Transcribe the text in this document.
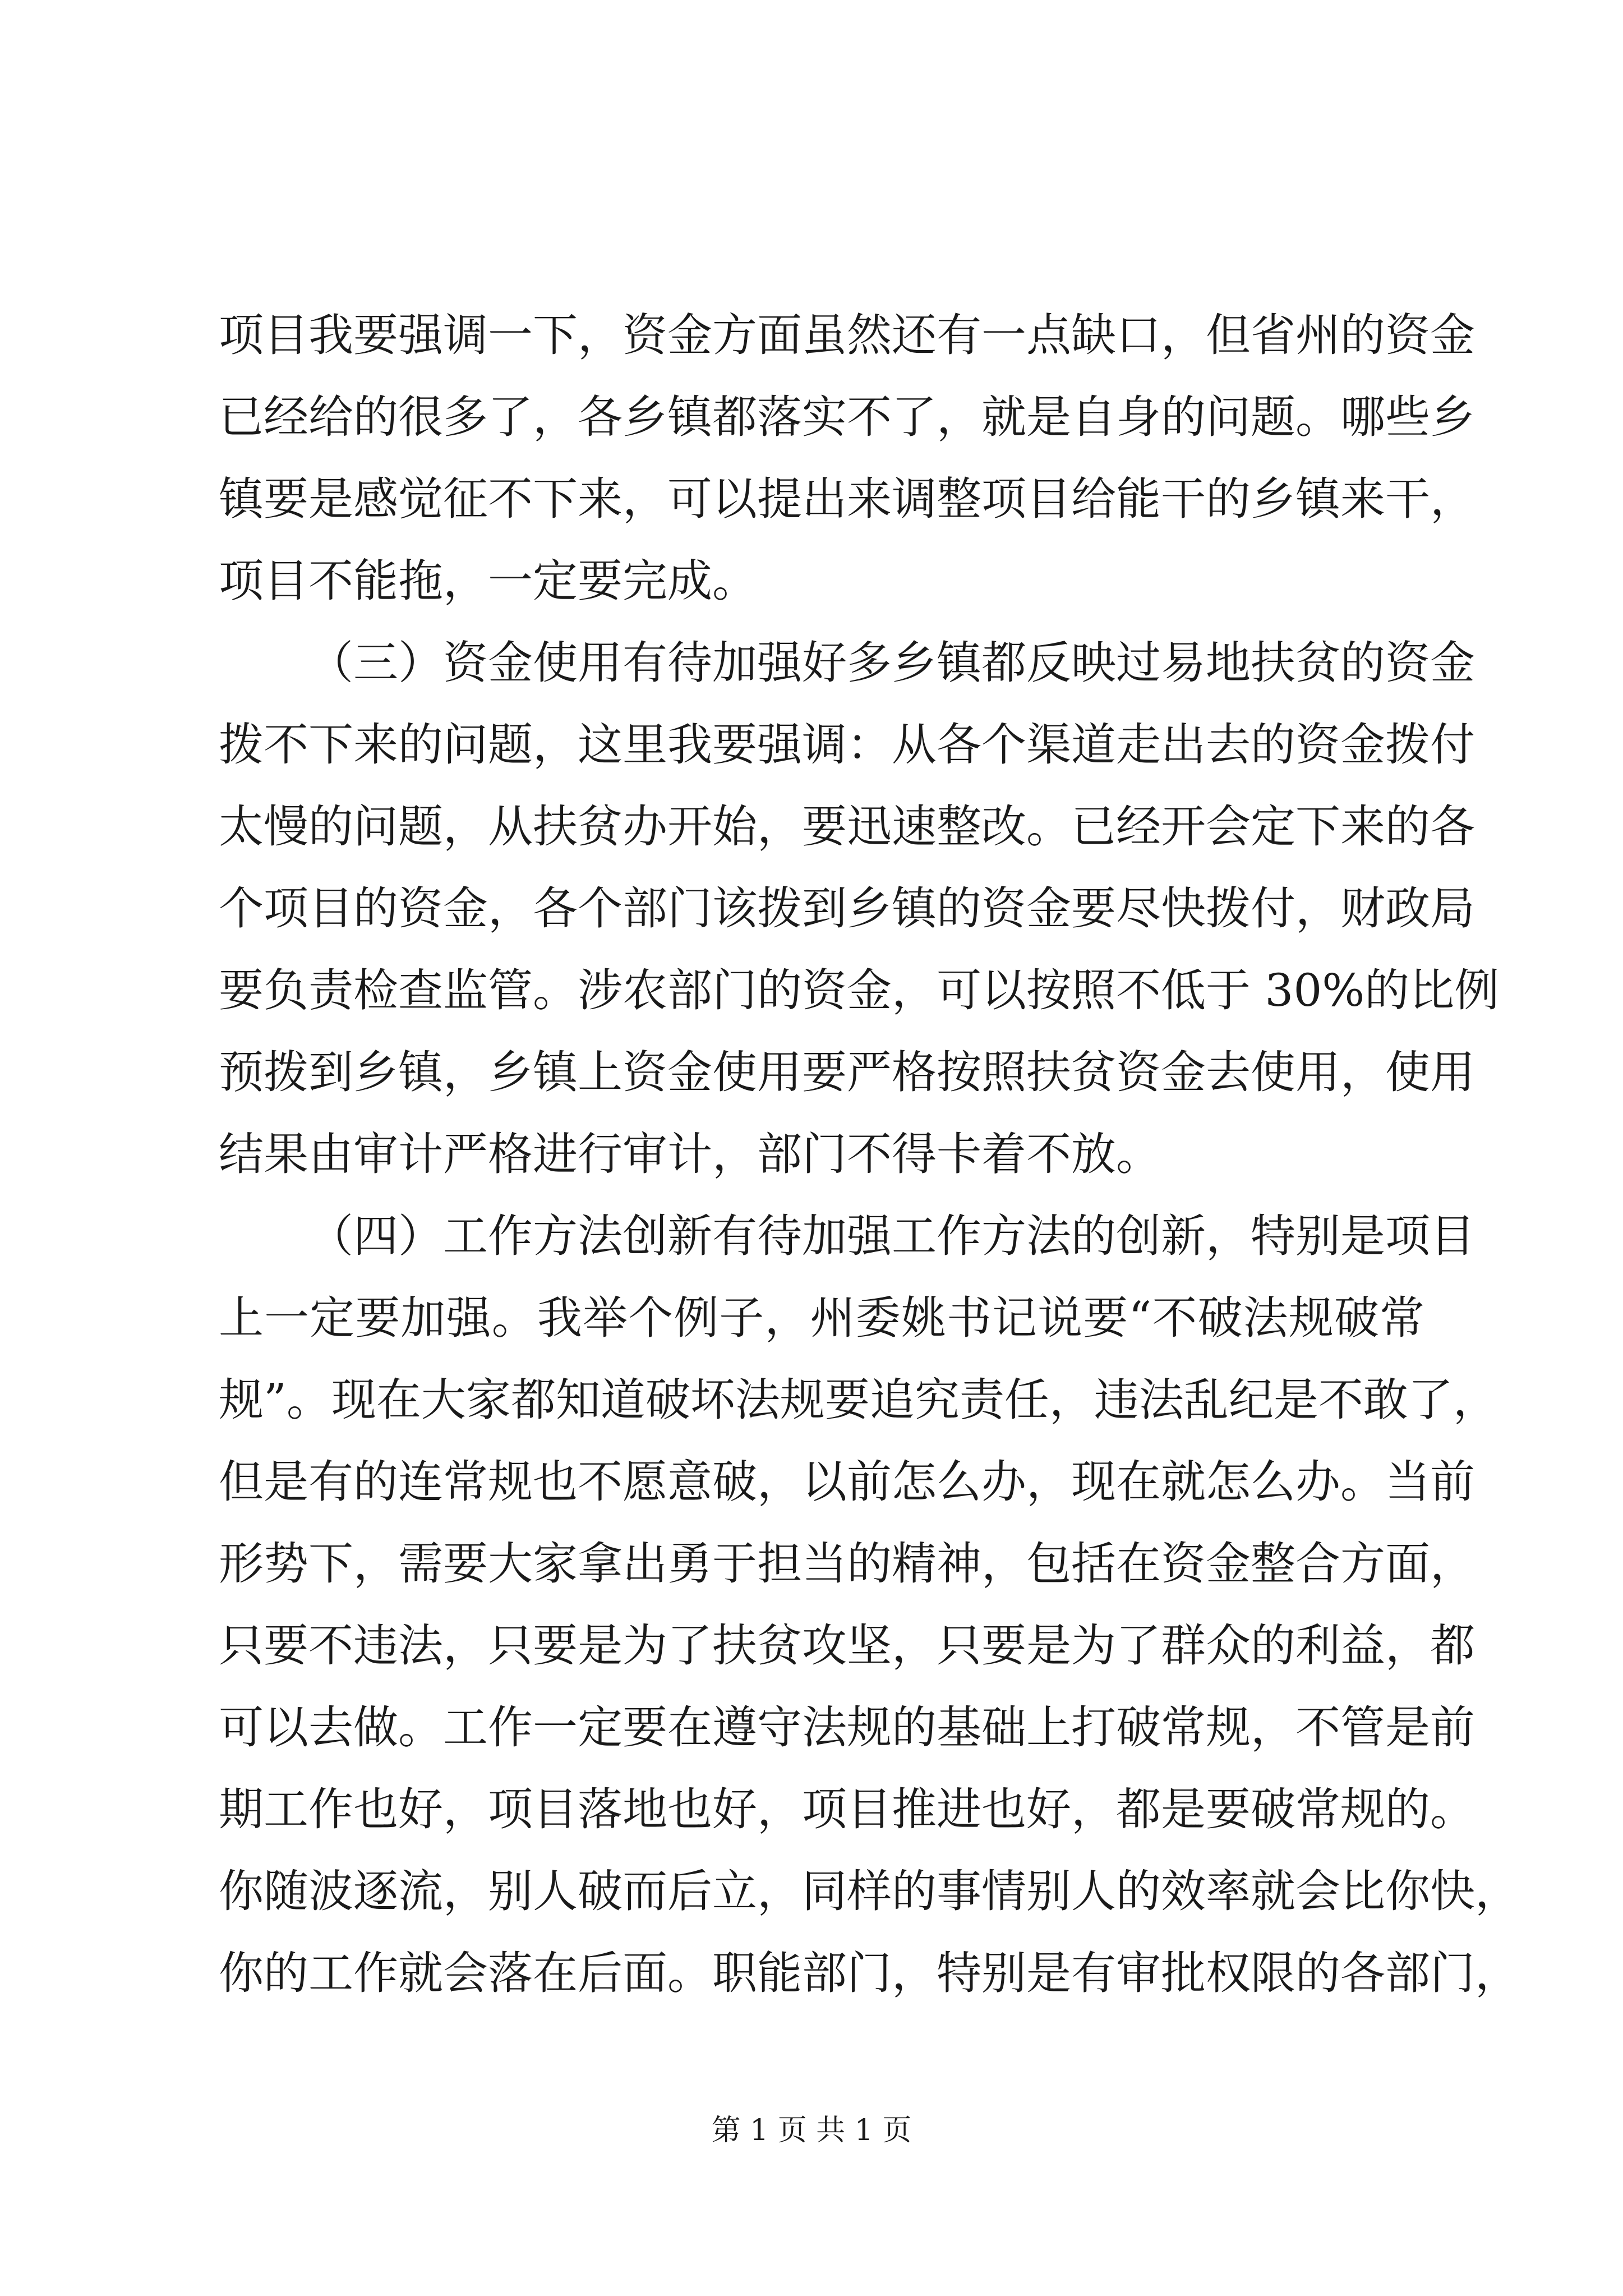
项目我要强调一下，资金方面虽然还有一点缺口，但省州的资金
已经给的很多了，各乡镇都落实不了，就是自身的问题。哪些乡
镇要是感觉征不下来，可以提出来调整项目给能干的乡镇来干，
项目不能拖，一定要完成。
（三）资金使用有待加强好多乡镇都反映过易地扶贫的资金
拨不下来的问题，这里我要强调：从各个渠道走出去的资金拨付
太慢的问题，从扶贫办开始，要迅速整改。已经开会定下来的各
个项目的资金，各个部门该拨到乡镇的资金要尽快拨付，财政局
要负责检查监管。涉农部门的资金，可以按照不低于 30%的比例
预拨到乡镇，乡镇上资金使用要严格按照扶贫资金去使用，使用
结果由审计严格进行审计，部门不得卡着不放。
（四）工作方法创新有待加强工作方法的创新，特别是项目
上一定要加强。我举个例子，州委姚书记说要“不破法规破常
规”。现在大家都知道破坏法规要追究责任，违法乱纪是不敢了，
但是有的连常规也不愿意破，以前怎么办，现在就怎么办。当前
形势下，需要大家拿出勇于担当的精神，包括在资金整合方面，
只要不违法，只要是为了扶贫攻坚，只要是为了群众的利益，都
可以去做。工作一定要在遵守法规的基础上打破常规，不管是前
期工作也好，项目落地也好，项目推进也好，都是要破常规的。
你随波逐流，别人破而后立，同样的事情别人的效率就会比你快，
你的工作就会落在后面。职能部门，特别是有审批权限的各部门，
第 1 页 共 1 页
